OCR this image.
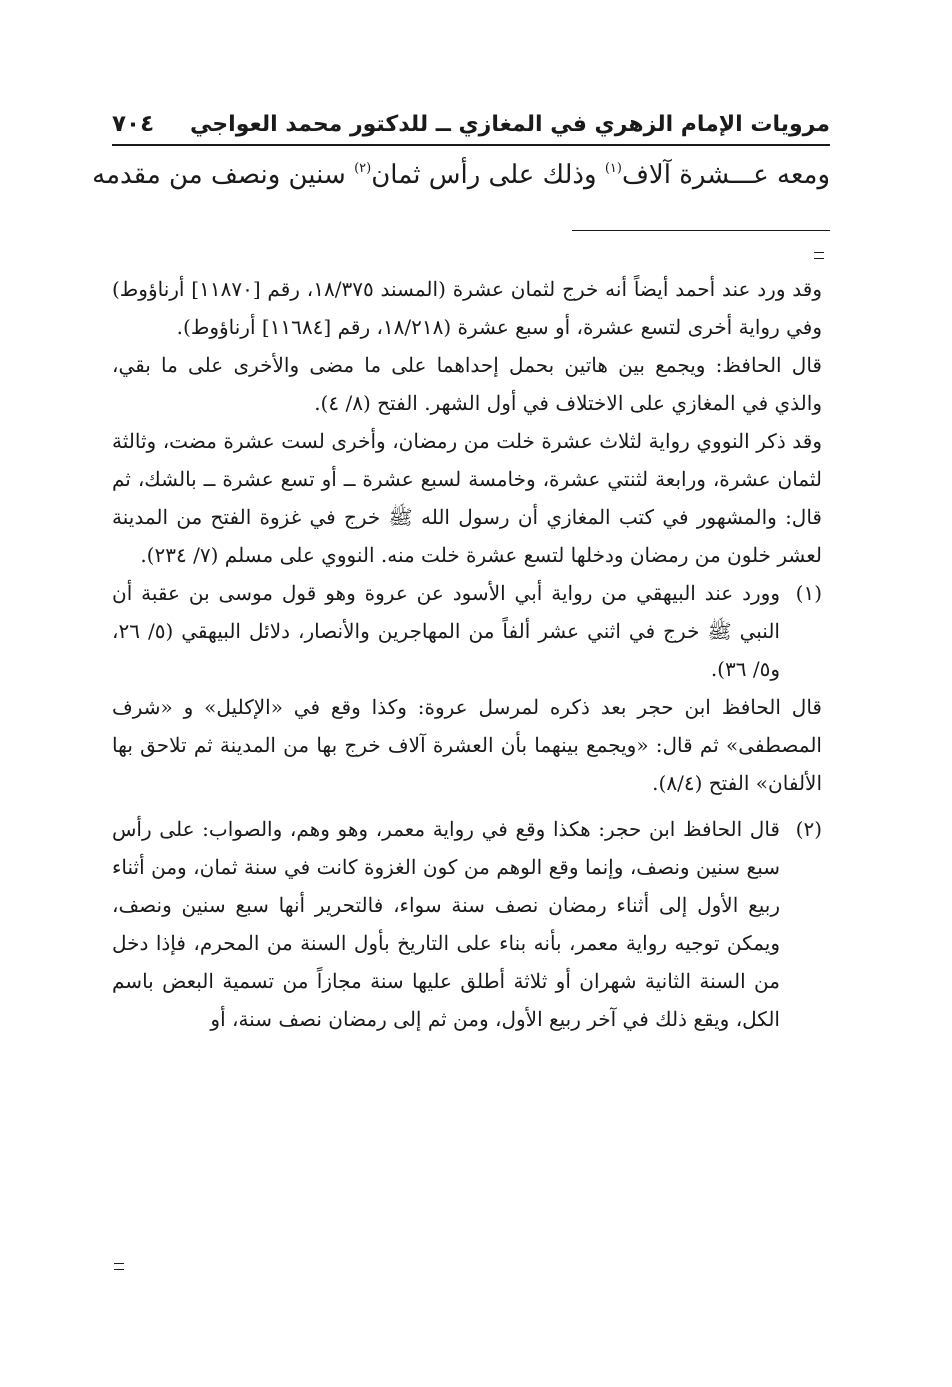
مرويات الإمام الزهري في المغازي ــ للدكتور محمد العواجي
٧٠٤
ومعه عـــشرة آلاف$^{(١)}$ وذلك على رأس ثمان$^{(٢)}$ سنين ونصف من مقدمه

وقد ورد عند أحمد أيضاً أنه خرج لثمان عشرة (المسند ١٨/٣٧٥، رقم [١١٨٧٠] أرناؤوط) وفي رواية أخرى لتسع عشرة، أو سبع عشرة (١٨/٢١٨، رقم [١١٦٨٤] أرناؤوط).

قال الحافظ: ويجمع بين هاتين بحمل إحداهما على ما مضى والأخرى على ما بقي، والذي في المغازي على الاختلاف في أول الشهر. الفتح (٨/ ٤).

وقد ذكر النووي رواية لثلاث عشرة خلت من رمضان، وأخرى لست عشرة مضت، وثالثة لثمان عشرة، ورابعة لثنتي عشرة، وخامسة لسبع عشرة ــ أو تسع عشرة ــ بالشك، ثم قال: والمشهور في كتب المغازي أن رسول الله ﷺ خرج في غزوة الفتح من المدينة لعشر خلون من رمضان ودخلها لتسع عشرة خلت منه. النووي على مسلم (٧/ ٢٣٤).

(١)
وورد عند البيهقي من رواية أبي الأسود عن عروة وهو قول موسى بن عقبة أن النبي ﷺ خرج في اثني عشر ألفاً من المهاجرين والأنصار، دلائل البيهقي (٥/ ٢٦، و٥/ ٣٦).

قال الحافظ ابن حجر بعد ذكره لمرسل عروة: وكذا وقع في «الإكليل» و «شرف المصطفى» ثم قال: «ويجمع بينهما بأن العشرة آلاف خرج بها من المدينة ثم تلاحق بها الألفان» الفتح (٨/٤).

(٢)
قال الحافظ ابن حجر: هكذا وقع في رواية معمر، وهو وهم، والصواب: على رأس سبع سنين ونصف، وإنما وقع الوهم من كون الغزوة كانت في سنة ثمان، ومن أثناء ربيع الأول إلى أثناء رمضان نصف سنة سواء، فالتحرير أنها سبع سنين ونصف، ويمكن توجيه رواية معمر، بأنه بناء على التاريخ بأول السنة من المحرم، فإذا دخل من السنة الثانية شهران أو ثلاثة أطلق عليها سنة مجازاً من تسمية البعض باسم الكل، ويقع ذلك في آخر ربيع الأول، ومن ثم إلى رمضان نصف سنة، أو
